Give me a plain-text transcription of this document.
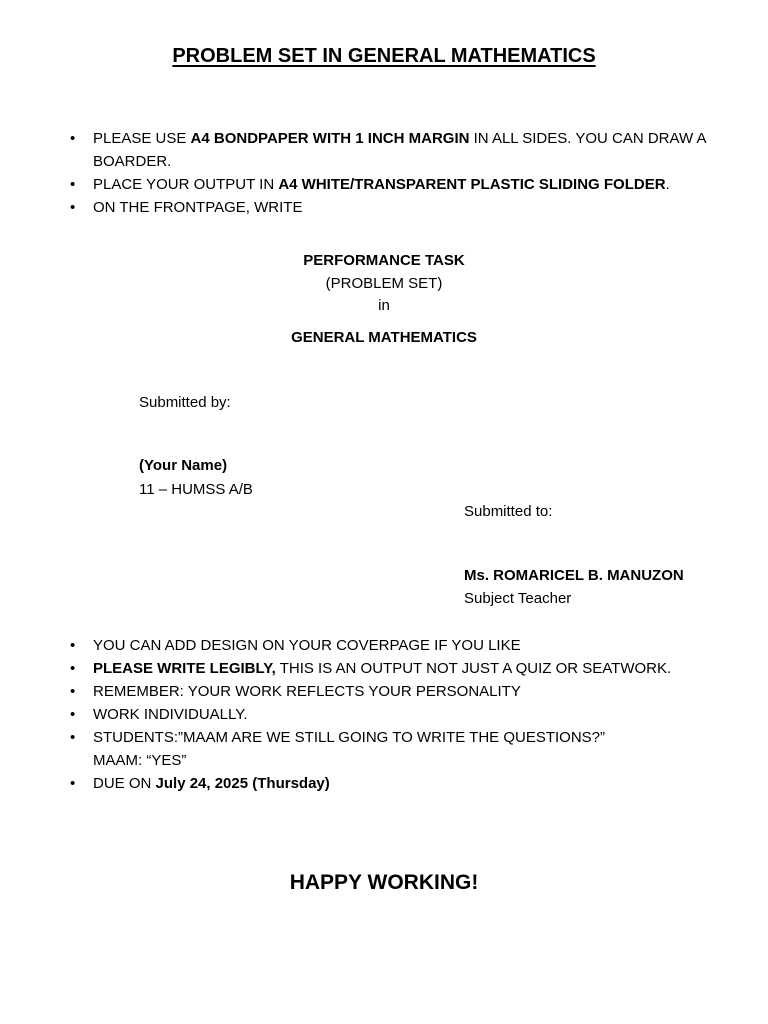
PROBLEM SET IN GENERAL MATHEMATICS
• PLEASE USE A4 BONDPAPER WITH 1 INCH MARGIN IN ALL SIDES. YOU CAN DRAW A
BOARDER.
• PLACE YOUR OUTPUT IN A4 WHITE/TRANSPARENT PLASTIC SLIDING FOLDER.
• ON THE FRONTPAGE, WRITE
PERFORMANCE TASK
(PROBLEM SET)
in
GENERAL MATHEMATICS
Submitted by:
(Your Name)
11 – HUMSS A/B
Submitted to:
Ms. ROMARICEL B. MANUZON
Subject Teacher
• YOU CAN ADD DESIGN ON YOUR COVERPAGE IF YOU LIKE
• PLEASE WRITE LEGIBLY, THIS IS AN OUTPUT NOT JUST A QUIZ OR SEATWORK.
• REMEMBER: YOUR WORK REFLECTS YOUR PERSONALITY
• WORK INDIVIDUALLY.
• STUDENTS:”MAAM ARE WE STILL GOING TO WRITE THE QUESTIONS?”
MAAM: “YES”
• DUE ON July 24, 2025 (Thursday)
HAPPY WORKING!
